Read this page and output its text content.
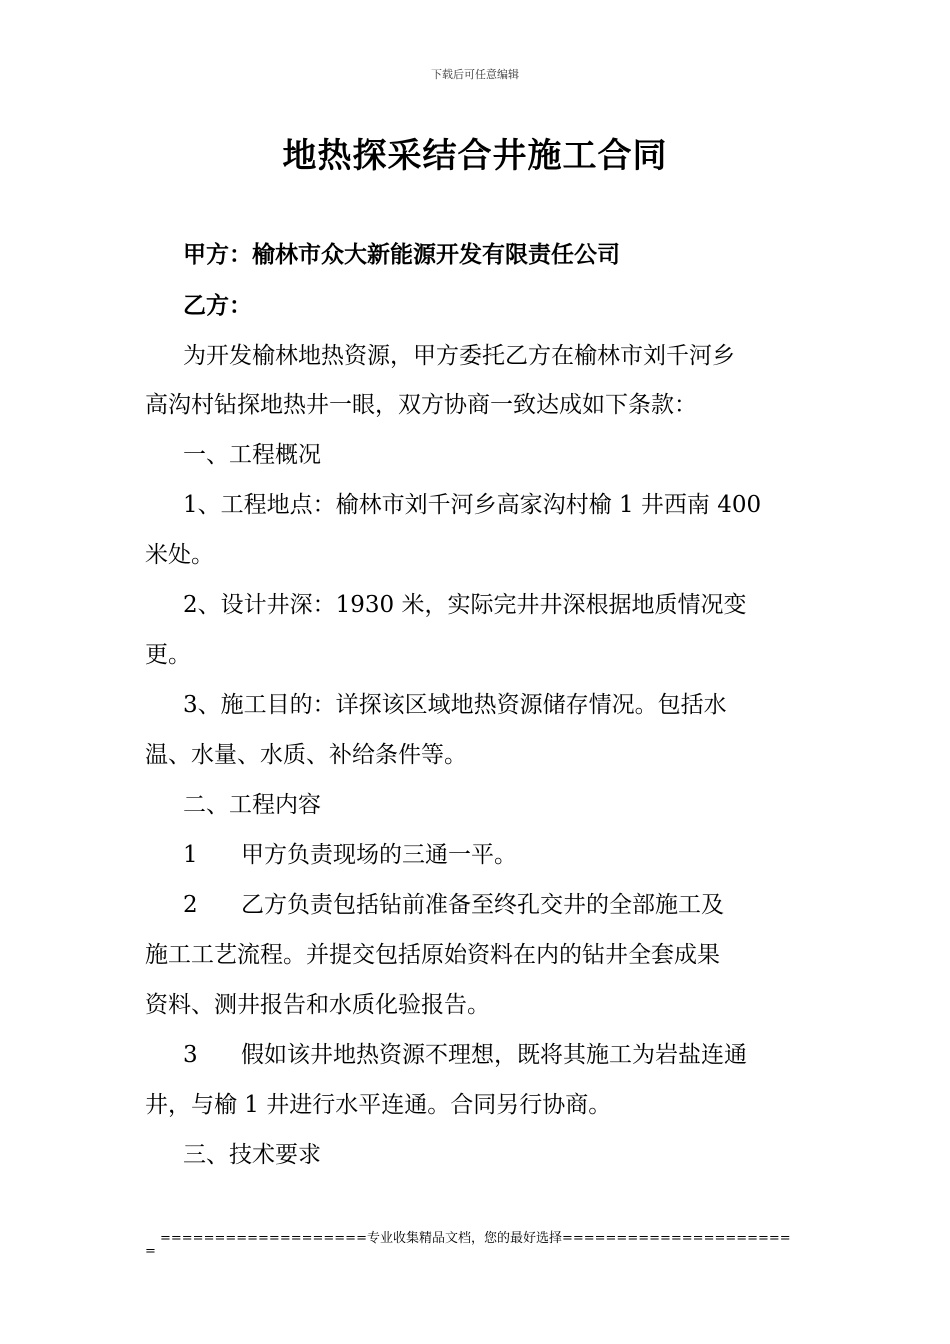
下载后可任意编辑
地热探采结合井施工合同
甲方：榆林市众大新能源开发有限责任公司
乙方：
为开发榆林地热资源，甲方委托乙方在榆林市刘千河乡
高沟村钻探地热井一眼，双方协商一致达成如下条款：
一、工程概况
1、工程地点：榆林市刘千河乡高家沟村榆 1 井西南 400
米处。
2、设计井深：1930 米，实际完井井深根据地质情况变
更。
3、施工目的：详探该区域地热资源储存情况。包括水
温、水量、水质、补给条件等。
二、工程内容
1 甲方负责现场的三通一平。
2 乙方负责包括钻前准备至终孔交井的全部施工及
施工工艺流程。并提交包括原始资料在内的钻井全套成果
资料、测井报告和水质化验报告。
3 假如该井地热资源不理想，既将其施工为岩盐连通
井，与榆 1 井进行水平连通。合同另行协商。
三、技术要求
===================专业收集精品文档，您的最好选择=====================
=
